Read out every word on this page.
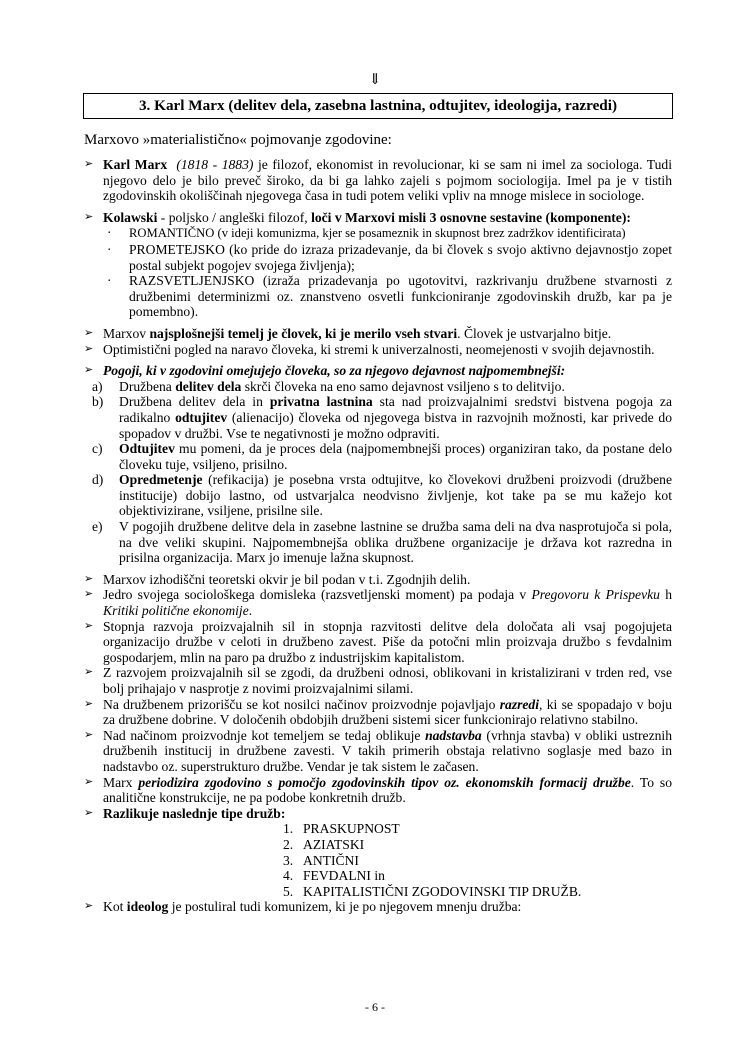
⇓
3. Karl Marx (delitev dela, zasebna lastnina, odtujitev, ideologija, razredi)
Marxovo »materialistično« pojmovanje zgodovine:
➢ Karl Marx (1818 - 1883) je filozof, ekonomist in revolucionar, ki se sam ni imel za sociologa. Tudi njegovo delo je bilo preveč široko, da bi ga lahko zajeli s pojmom sociologija. Imel pa je v tistih zgodovinskih okoliščinah njegovega časa in tudi potem veliki vpliv na mnoge mislece in sociologe.
➢ Kolawski - poljsko / angleški filozof, loči v Marxovi misli 3 osnovne sestavine (komponente):
· ROMANTIČNO (v ideji komunizma, kjer se posameznik in skupnost brez zadržkov identificirata)
· PROMETEJSKO (ko pride do izraza prizadevanje, da bi človek s svojo aktivno dejavnostjo zopet postal subjekt pogojev svojega življenja);
· RAZSVETLJENJSKO (izraža prizadevanja po ugotovitvi, razkrivanju družbene stvarnosti z družbenimi determinizmi oz. znanstveno osvetli funkcioniranje zgodovinskih družb, kar pa je pomembno).
➢ Marxov najsplošnejši temelj je človek, ki je merilo vseh stvari. Človek je ustvarjalno bitje.
➢ Optimistični pogled na naravo človeka, ki stremi k univerzalnosti, neomejenosti v svojih dejavnostih.
➢ Pogoji, ki v zgodovini omejujejo človeka, so za njegovo dejavnost najpomembnejši:
a) Družbena delitev dela skrči človeka na eno samo dejavnost vsiljeno s to delitvijo.
b) Družbena delitev dela in privatna lastnina sta nad proizvajalnimi sredstvi bistvena pogoja za radikalno odtujitev (alienacijo) človeka od njegovega bistva in razvojnih možnosti, kar privede do spopadov v družbi. Vse te negativnosti je možno odpraviti.
c) Odtujitev mu pomeni, da je proces dela (najpomembnejši proces) organiziran tako, da postane delo človeku tuje, vsiljeno, prisilno.
d) Opredmetenje (refikacija) je posebna vrsta odtujitve, ko človekovi družbeni proizvodi (družbene institucije) dobijo lastno, od ustvarjalca neodvisno življenje, kot take pa se mu kažejo kot objektivizirane, vsiljene, prisilne sile.
e) V pogojih družbene delitve dela in zasebne lastnine se družba sama deli na dva nasprotujoča si pola, na dve veliki skupini. Najpomembnejša oblika družbene organizacije je država kot razredna in prisilna organizacija. Marx jo imenuje lažna skupnost.
➢ Marxov izhodiščni teoretski okvir je bil podan v t.i. Zgodnjih delih.
➢ Jedro svojega sociološkega domisleka (razsvetljenski moment) pa podaja v Pregovoru k Prispevku h Kritiki politične ekonomije.
➢ Stopnja razvoja proizvajalnih sil in stopnja razvitosti delitve dela določata ali vsaj pogojujeta organizacijo družbe v celoti in družbeno zavest. Piše da potočni mlin proizvaja družbo s fevdalnim gospodarjem, mlin na paro pa družbo z industrijskim kapitalistom.
➢ Z razvojem proizvajalnih sil se zgodi, da družbeni odnosi, oblikovani in kristalizirani v trden red, vse bolj prihajajo v nasprotje z novimi proizvajalnimi silami.
➢ Na družbenem prizorišču se kot nosilci načinov proizvodnje pojavljajo razredi, ki se spopadajo v boju za družbene dobrine. V določenih obdobjih družbeni sistemi sicer funkcionirajo relativno stabilno.
➢ Nad načinom proizvodnje kot temeljem se tedaj oblikuje nadstavba (vrhnja stavba) v obliki ustreznih družbenih institucij in družbene zavesti. V takih primerih obstaja relativno soglasje med bazo in nadstavbo oz. superstrukturo družbe. Vendar je tak sistem le začasen.
➢ Marx periodizira zgodovino s pomočjo zgodovinskih tipov oz. ekonomskih formacij družbe. To so analitične konstrukcije, ne pa podobe konkretnih družb.
➢ Razlikuje naslednje tipe družb:
1. PRASKUPNOST
2. AZIATSKI
3. ANTIČNI
4. FEVDALNI in
5. KAPITALISTIČNI ZGODOVINSKI TIP DRUŽB.
➢ Kot ideolog je postuliral tudi komunizem, ki je po njegovem mnenju družba:
- 6 -
